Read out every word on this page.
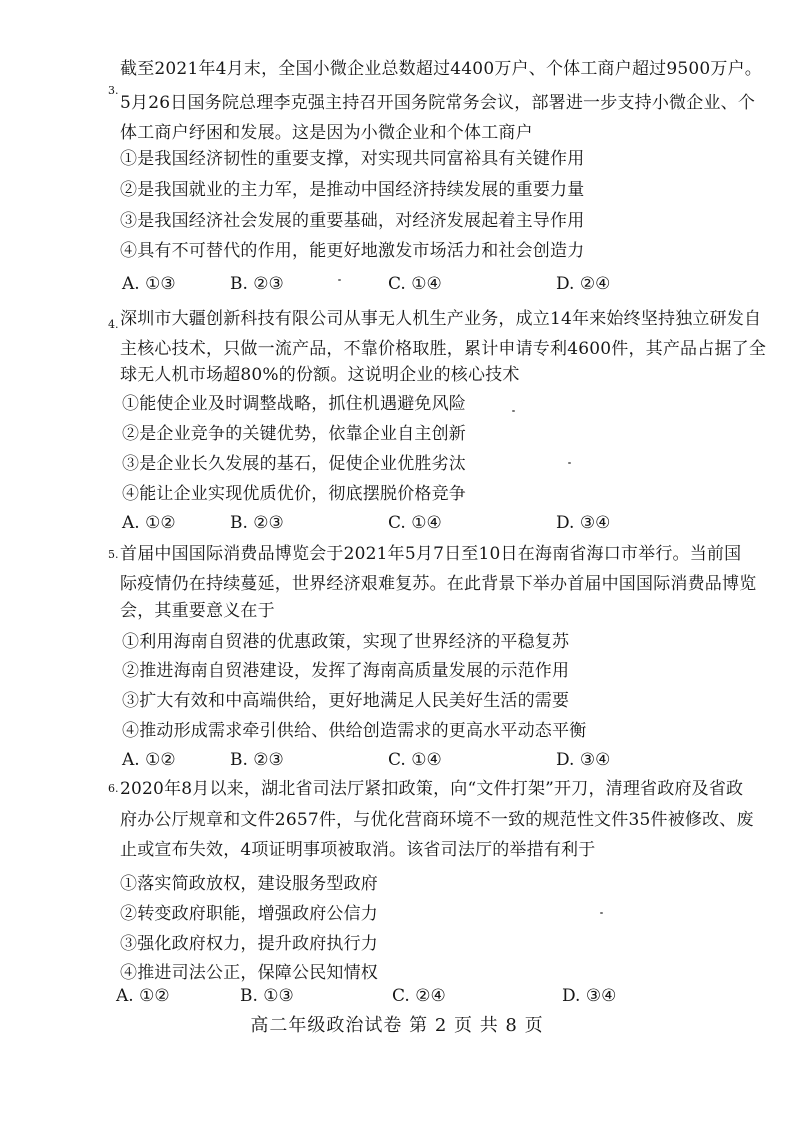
3.
截至2021年4月末，全国小微企业总数超过4400万户、个体工商户超过9500万户。
5月26日国务院总理李克强主持召开国务院常务会议，部署进一步支持小微企业、个
体工商户纾困和发展。这是因为小微企业和个体工商户
①是我国经济韧性的重要支撑，对实现共同富裕具有关键作用
②是我国就业的主力军，是推动中国经济持续发展的重要力量
③是我国经济社会发展的重要基础，对经济发展起着主导作用
④具有不可替代的作用，能更好地激发市场活力和社会创造力
A. ①③	B. ②③	C. ①④	D. ②④
4. 深圳市大疆创新科技有限公司从事无人机生产业务，成立14年来始终坚持独立研发自
主核心技术，只做一流产品，不靠价格取胜，累计申请专利4600件，其产品占据了全
球无人机市场超80%的份额。这说明企业的核心技术
①能使企业及时调整战略，抓住机遇避免风险
②是企业竞争的关键优势，依靠企业自主创新
③是企业长久发展的基石，促使企业优胜劣汰
④能让企业实现优质优价，彻底摆脱价格竞争
A. ①②	B. ②③	C. ①④	D. ③④
5. 首届中国国际消费品博览会于2021年5月7日至10日在海南省海口市举行。当前国
际疫情仍在持续蔓延，世界经济艰难复苏。在此背景下举办首届中国国际消费品博览
会，其重要意义在于
①利用海南自贸港的优惠政策，实现了世界经济的平稳复苏
②推进海南自贸港建设，发挥了海南高质量发展的示范作用
③扩大有效和中高端供给，更好地满足人民美好生活的需要
④推动形成需求牵引供给、供给创造需求的更高水平动态平衡
A. ①②	B. ②③	C. ①④	D. ③④
6. 2020年8月以来，湖北省司法厅紧扣政策，向“文件打架”开刀，清理省政府及省政
府办公厅规章和文件2657件，与优化营商环境不一致的规范性文件35件被修改、废
止或宣布失效，4项证明事项被取消。该省司法厅的举措有利于
①落实简政放权，建设服务型政府
②转变政府职能，增强政府公信力
③强化政府权力，提升政府执行力
④推进司法公正，保障公民知情权
A. ①②	B. ①③	C. ②④	D. ③④
高二年级政治试卷 第 2 页 共 8 页
